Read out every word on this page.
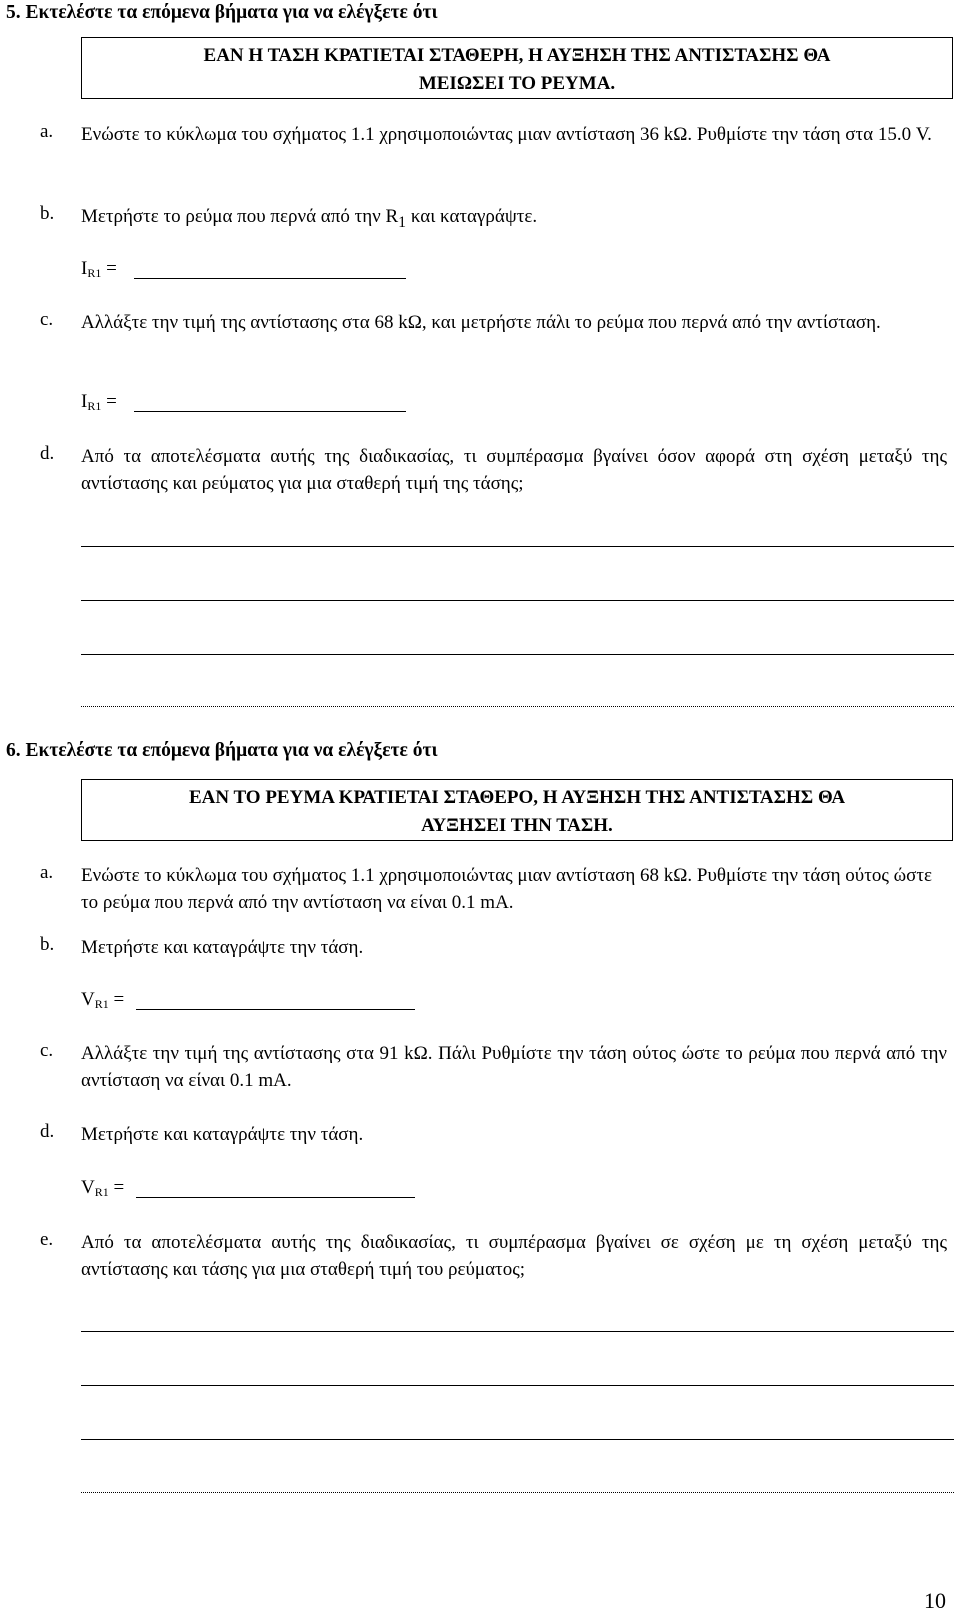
5. Εκτελέστε τα επόμενα βήματα για να ελέγξετε ότι
ΕΑΝ Η ΤΑΣΗ ΚΡΑΤΙΕΤΑΙ ΣΤΑΘΕΡΗ, Η ΑΥΞΗΣΗ ΤΗΣ ΑΝΤΙΣΤΑΣΗΣ ΘΑ
ΜΕΙΩΣΕΙ ΤΟ ΡΕΥΜΑ.
a. Ενώστε το κύκλωμα του σχήματος 1.1 χρησιμοποιώντας μιαν αντίσταση 36 kΩ. Ρυθμίστε την τάση στα 15.0 V.
b. Μετρήστε το ρεύμα που περνά από την $R_1$ και καταγράψτε.
$I_{R1}$ =
c. Αλλάξτε την τιμή της αντίστασης στα 68 kΩ, και μετρήστε πάλι το ρεύμα που περνά από την αντίσταση.
$I_{R1}$ =
d. Από τα αποτελέσματα αυτής της διαδικασίας, τι συμπέρασμα βγαίνει όσον αφορά στη σχέση μεταξύ της αντίστασης και ρεύματος για μια σταθερή τιμή της τάσης;
6. Εκτελέστε τα επόμενα βήματα για να ελέγξετε ότι
ΕΑΝ ΤΟ ΡΕΥΜΑ ΚΡΑΤΙΕΤΑΙ ΣΤΑΘΕΡΟ, Η ΑΥΞΗΣΗ ΤΗΣ ΑΝΤΙΣΤΑΣΗΣ ΘΑ
ΑΥΞΗΣΕΙ ΤΗΝ ΤΑΣΗ.
a. Ενώστε το κύκλωμα του σχήματος 1.1 χρησιμοποιώντας μιαν αντίσταση 68 kΩ. Ρυθμίστε την τάση ούτος ώστε το ρεύμα που περνά από την αντίσταση να είναι 0.1 mA.
b. Μετρήστε και καταγράψτε την τάση.
$V_{R1}$ =
c. Αλλάξτε την τιμή της αντίστασης στα 91 kΩ. Πάλι Ρυθμίστε την τάση ούτος ώστε το ρεύμα που περνά από την αντίσταση να είναι 0.1 mA.
d. Μετρήστε και καταγράψτε την τάση.
$V_{R1}$ =
e. Από τα αποτελέσματα αυτής της διαδικασίας, τι συμπέρασμα βγαίνει σε σχέση με τη σχέση μεταξύ της αντίστασης και τάσης για μια σταθερή τιμή του ρεύματος;
10
